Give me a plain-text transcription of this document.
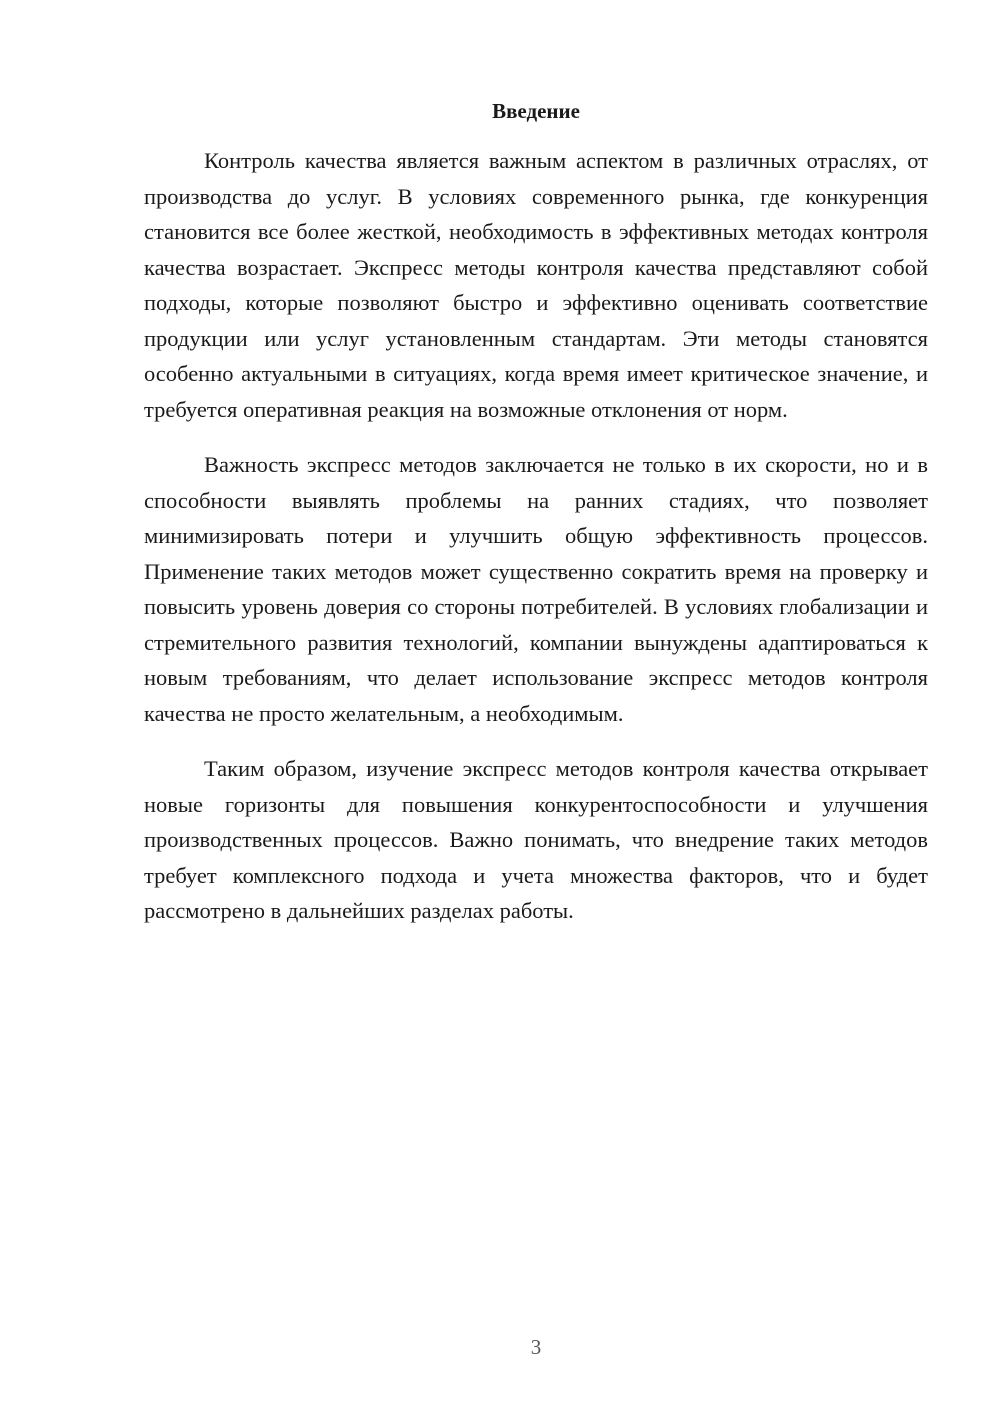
Введение

Контроль качества является важным аспектом в различных отраслях, от производства до услуг. В условиях современного рынка, где конкуренция становится все более жесткой, необходимость в эффективных методах контроля качества возрастает. Экспресс методы контроля качества представляют собой подходы, которые позволяют быстро и эффективно оценивать соответствие продукции или услуг установленным стандартам. Эти методы становятся особенно актуальными в ситуациях, когда время имеет критическое значение, и требуется оперативная реакция на возможные отклонения от норм.

Важность экспресс методов заключается не только в их скорости, но и в способности выявлять проблемы на ранних стадиях, что позволяет минимизировать потери и улучшить общую эффективность процессов. Применение таких методов может существенно сократить время на проверку и повысить уровень доверия со стороны потребителей. В условиях глобализации и стремительного развития технологий, компании вынуждены адаптироваться к новым требованиям, что делает использование экспресс методов контроля качества не просто желательным, а необходимым.

Таким образом, изучение экспресс методов контроля качества открывает новые горизонты для повышения конкурентоспособности и улучшения производственных процессов. Важно понимать, что внедрение таких методов требует комплексного подхода и учета множества факторов, что и будет рассмотрено в дальнейших разделах работы.

3
